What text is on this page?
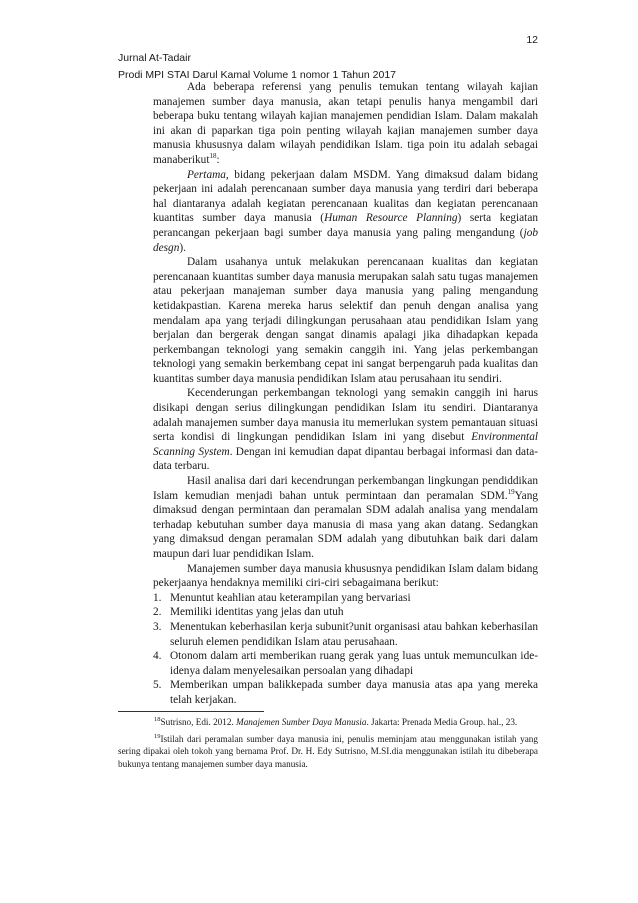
12
Jurnal At-Tadair
Prodi MPI STAI Darul Kamal Volume 1 nomor 1 Tahun 2017

Ada beberapa referensi yang penulis temukan tentang wilayah kajian manajemen sumber daya manusia, akan tetapi penulis hanya mengambil dari beberapa buku tentang wilayah kajian manajemen pendidian Islam. Dalam makalah ini akan di paparkan tiga poin penting wilayah kajian manajemen sumber daya manusia khususnya dalam wilayah pendidikan Islam. tiga poin itu adalah sebagai manaberikut$^{18}$:

Pertama, bidang pekerjaan dalam MSDM. Yang dimaksud dalam bidang pekerjaan ini adalah perencanaan sumber daya manusia yang terdiri dari beberapa hal diantaranya adalah kegiatan perencanaan kualitas dan kegiatan perencanaan kuantitas sumber daya manusia (Human Resource Planning) serta kegiatan perancangan pekerjaan bagi sumber daya manusia yang paling mengandung (job desgn).

Dalam usahanya untuk melakukan perencanaan kualitas dan kegiatan perencanaan kuantitas sumber daya manusia merupakan salah satu tugas manajemen atau pekerjaan manajeman sumber daya manusia yang paling mengandung ketidakpastian. Karena mereka harus selektif dan penuh dengan analisa yang mendalam apa yang terjadi dilingkungan perusahaan atau pendidikan Islam yang berjalan dan bergerak dengan sangat dinamis apalagi jika dihadapkan kepada perkembangan teknologi yang semakin canggih ini. Yang jelas perkembangan teknologi yang semakin berkembang cepat ini sangat berpengaruh pada kualitas dan kuantitas sumber daya manusia pendidikan Islam atau perusahaan itu sendiri.

Kecenderungan perkembangan teknologi yang semakin canggih ini harus disikapi dengan serius dilingkungan pendidikan Islam itu sendiri. Diantaranya adalah manajemen sumber daya manusia itu memerlukan system pemantauan situasi serta kondisi di lingkungan pendidikan Islam ini yang disebut Environmental Scanning System. Dengan ini kemudian dapat dipantau berbagai informasi dan data-data terbaru.

Hasil analisa dari dari kecendrungan perkembangan lingkungan pendiddikan Islam kemudian menjadi bahan untuk permintaan dan peramalan SDM.$^{19}$Yang dimaksud dengan permintaan dan peramalan SDM adalah analisa yang mendalam terhadap kebutuhan sumber daya manusia di masa yang akan datang. Sedangkan yang dimaksud dengan peramalan SDM adalah yang dibutuhkan baik dari dalam maupun dari luar pendidikan Islam.

Manajemen sumber daya manusia khususnya pendidikan Islam dalam bidang pekerjaanya hendaknya memiliki ciri-ciri sebagaimana berikut:

1. Menuntut keahlian atau keterampilan yang bervariasi
2. Memiliki identitas yang jelas dan utuh
3. Menentukan keberhasilan kerja subunit?unit organisasi atau bahkan keberhasilan seluruh elemen pendidikan Islam atau perusahaan.
4. Otonom dalam arti memberikan ruang gerak yang luas untuk memunculkan ide-idenya dalam menyelesaikan persoalan yang dihadapi
5. Memberikan umpan balikkepada sumber daya manusia atas apa yang mereka telah kerjakan.

$^{18}$Sutrisno, Edi. 2012. Manajemen Sumber Daya Manusia. Jakarta: Prenada Media Group. hal., 23.

$^{19}$Istilah dari peramalan sumber daya manusia ini, penulis meminjam atau menggunakan istilah yang sering dipakai oleh tokoh yang bernama Prof. Dr. H. Edy Sutrisno, M.SI.dia menggunakan istilah itu dibeberapa bukunya tentang manajemen sumber daya manusia.
